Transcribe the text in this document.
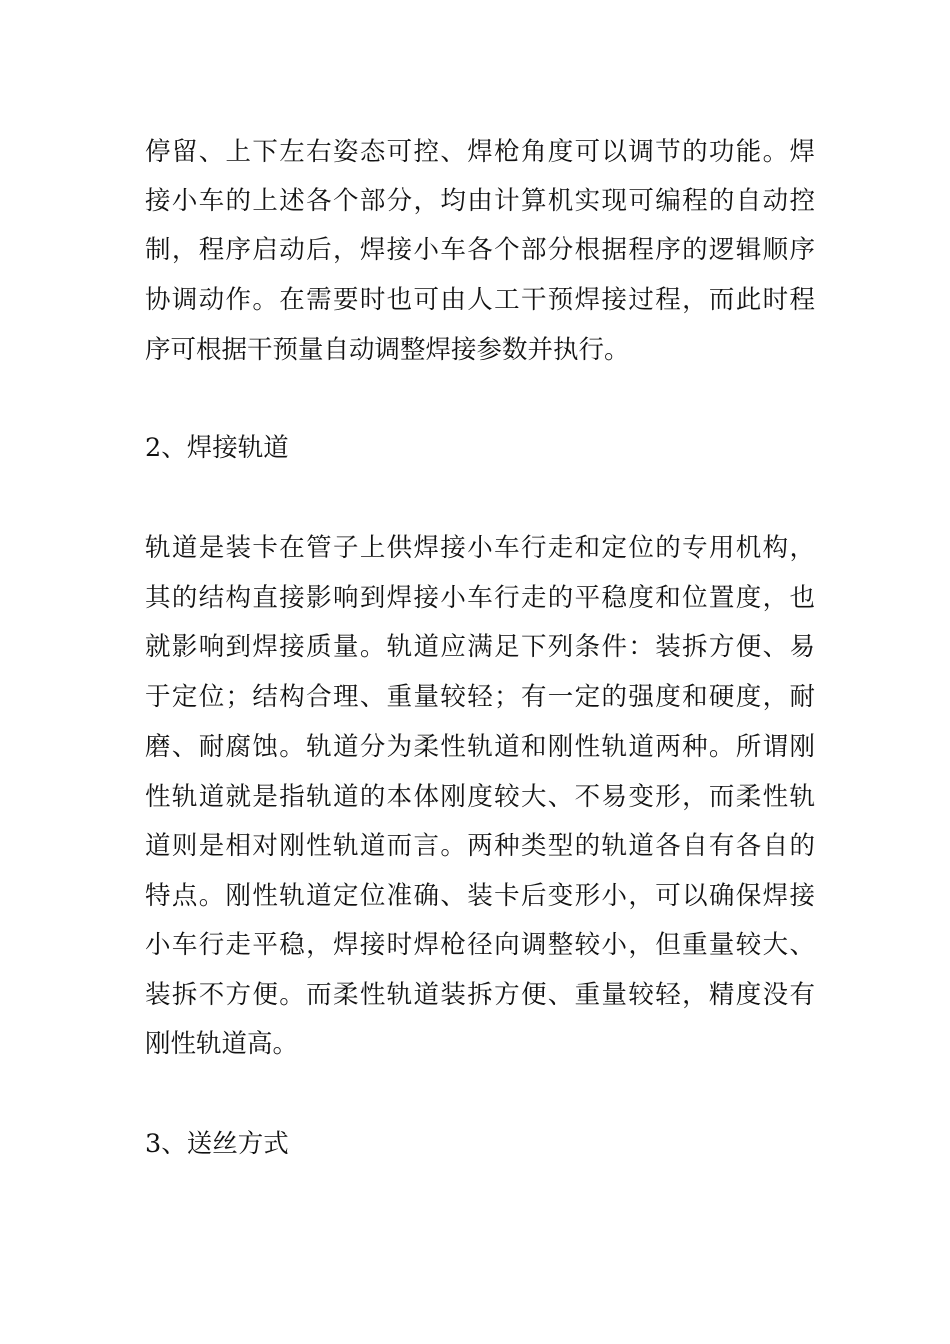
停留、上下左右姿态可控、焊枪角度可以调节的功能。焊
接小车的上述各个部分，均由计算机实现可编程的自动控
制，程序启动后，焊接小车各个部分根据程序的逻辑顺序
协调动作。在需要时也可由人工干预焊接过程，而此时程
序可根据干预量自动调整焊接参数并执行。
2、焊接轨道
轨道是装卡在管子上供焊接小车行走和定位的专用机构，
其的结构直接影响到焊接小车行走的平稳度和位置度，也
就影响到焊接质量。轨道应满足下列条件：装拆方便、易
于定位；结构合理、重量较轻；有一定的强度和硬度，耐
磨、耐腐蚀。轨道分为柔性轨道和刚性轨道两种。所谓刚
性轨道就是指轨道的本体刚度较大、不易变形，而柔性轨
道则是相对刚性轨道而言。两种类型的轨道各自有各自的
特点。刚性轨道定位准确、装卡后变形小，可以确保焊接
小车行走平稳，焊接时焊枪径向调整较小，但重量较大、
装拆不方便。而柔性轨道装拆方便、重量较轻，精度没有
刚性轨道高。
3、送丝方式
